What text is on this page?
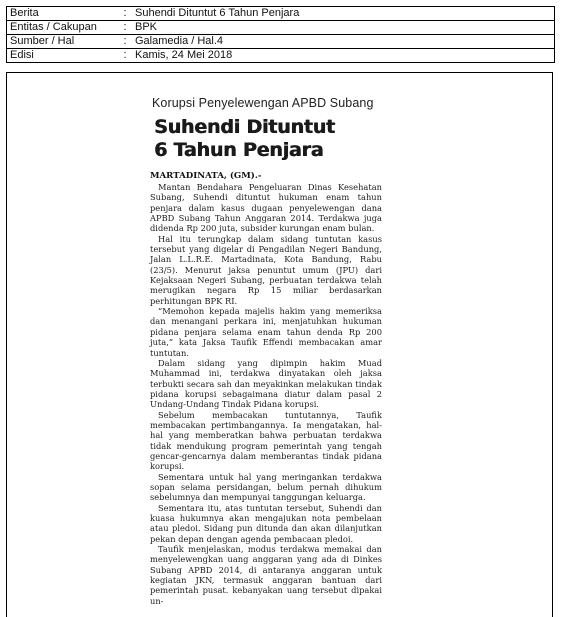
Berita	:	Suhendi Dituntut 6 Tahun Penjara
Entitas / Cakupan	:	BPK
Sumber / Hal	:	Galamedia / Hal.4
Edisi	:	Kamis, 24 Mei 2018
Korupsi Penyelewengan APBD Subang
Suhendi Dituntut
6 Tahun Penjara
MARTADINATA, (GM).-

Mantan Bendahara Pengeluaran Dinas Kesehatan Subang, Suhendi dituntut hukuman enam tahun penjara dalam kasus dugaan penyelewengan dana APBD Subang Tahun Anggaran 2014. Terdakwa juga didenda Rp 200 juta, subsider kurungan enam bulan.

Hal itu terungkap dalam sidang tuntutan kasus tersebut yang digelar di Pengadilan Negeri Bandung, Jalan L.L.R.E. Martadinata, Kota Bandung, Rabu (23/5). Menurut jaksa penuntut umum (JPU) dari Kejaksaan Negeri Subang, perbuatan terdakwa telah merugikan negara Rp 15 miliar berdasarkan perhitungan BPK RI.

“Memohon kepada majelis hakim yang memeriksa dan menangani perkara ini, menjatuhkan hukuman pidana penjara selama enam tahun denda Rp 200 juta,” kata Jaksa Taufik Effendi membacakan amar tuntutan.

Dalam sidang yang dipimpin hakim Muad Muhammad ini, terdakwa dinyatakan oleh jaksa terbukti secara sah dan meyakinkan melakukan tindak pidana korupsi sebagaimana diatur dalam pasal 2 Undang-Undang Tindak Pidana korupsi.

Sebelum membacakan tuntutannya, Taufik membacakan pertimbangannya. Ia mengatakan, hal-hal yang memberatkan bahwa perbuatan terdakwa tidak mendukung program pemerintah yang tengah gencar-gencarnya dalam memberantas tindak pidana korupsi.

Sementara untuk hal yang meringankan terdakwa sopan selama persidangan, belum pernah dihukum sebelumnya dan mempunyai tanggungan keluarga.

Sementara itu, atas tuntutan tersebut, Suhendi dan kuasa hukumnya akan mengajukan nota pembelaan atau pledoi. Sidang pun ditunda dan akan dilanjutkan pekan depan dengan agenda pembacaan pledoi.

Taufik menjelaskan, modus terdakwa memakai dan menyelewengkan uang anggaran yang ada di Dinkes Subang APBD 2014, di antaranya anggaran untuk kegiatan JKN, termasuk anggaran bantuan dari pemerintah pusat. kebanyakan uang tersebut dipakai un-
